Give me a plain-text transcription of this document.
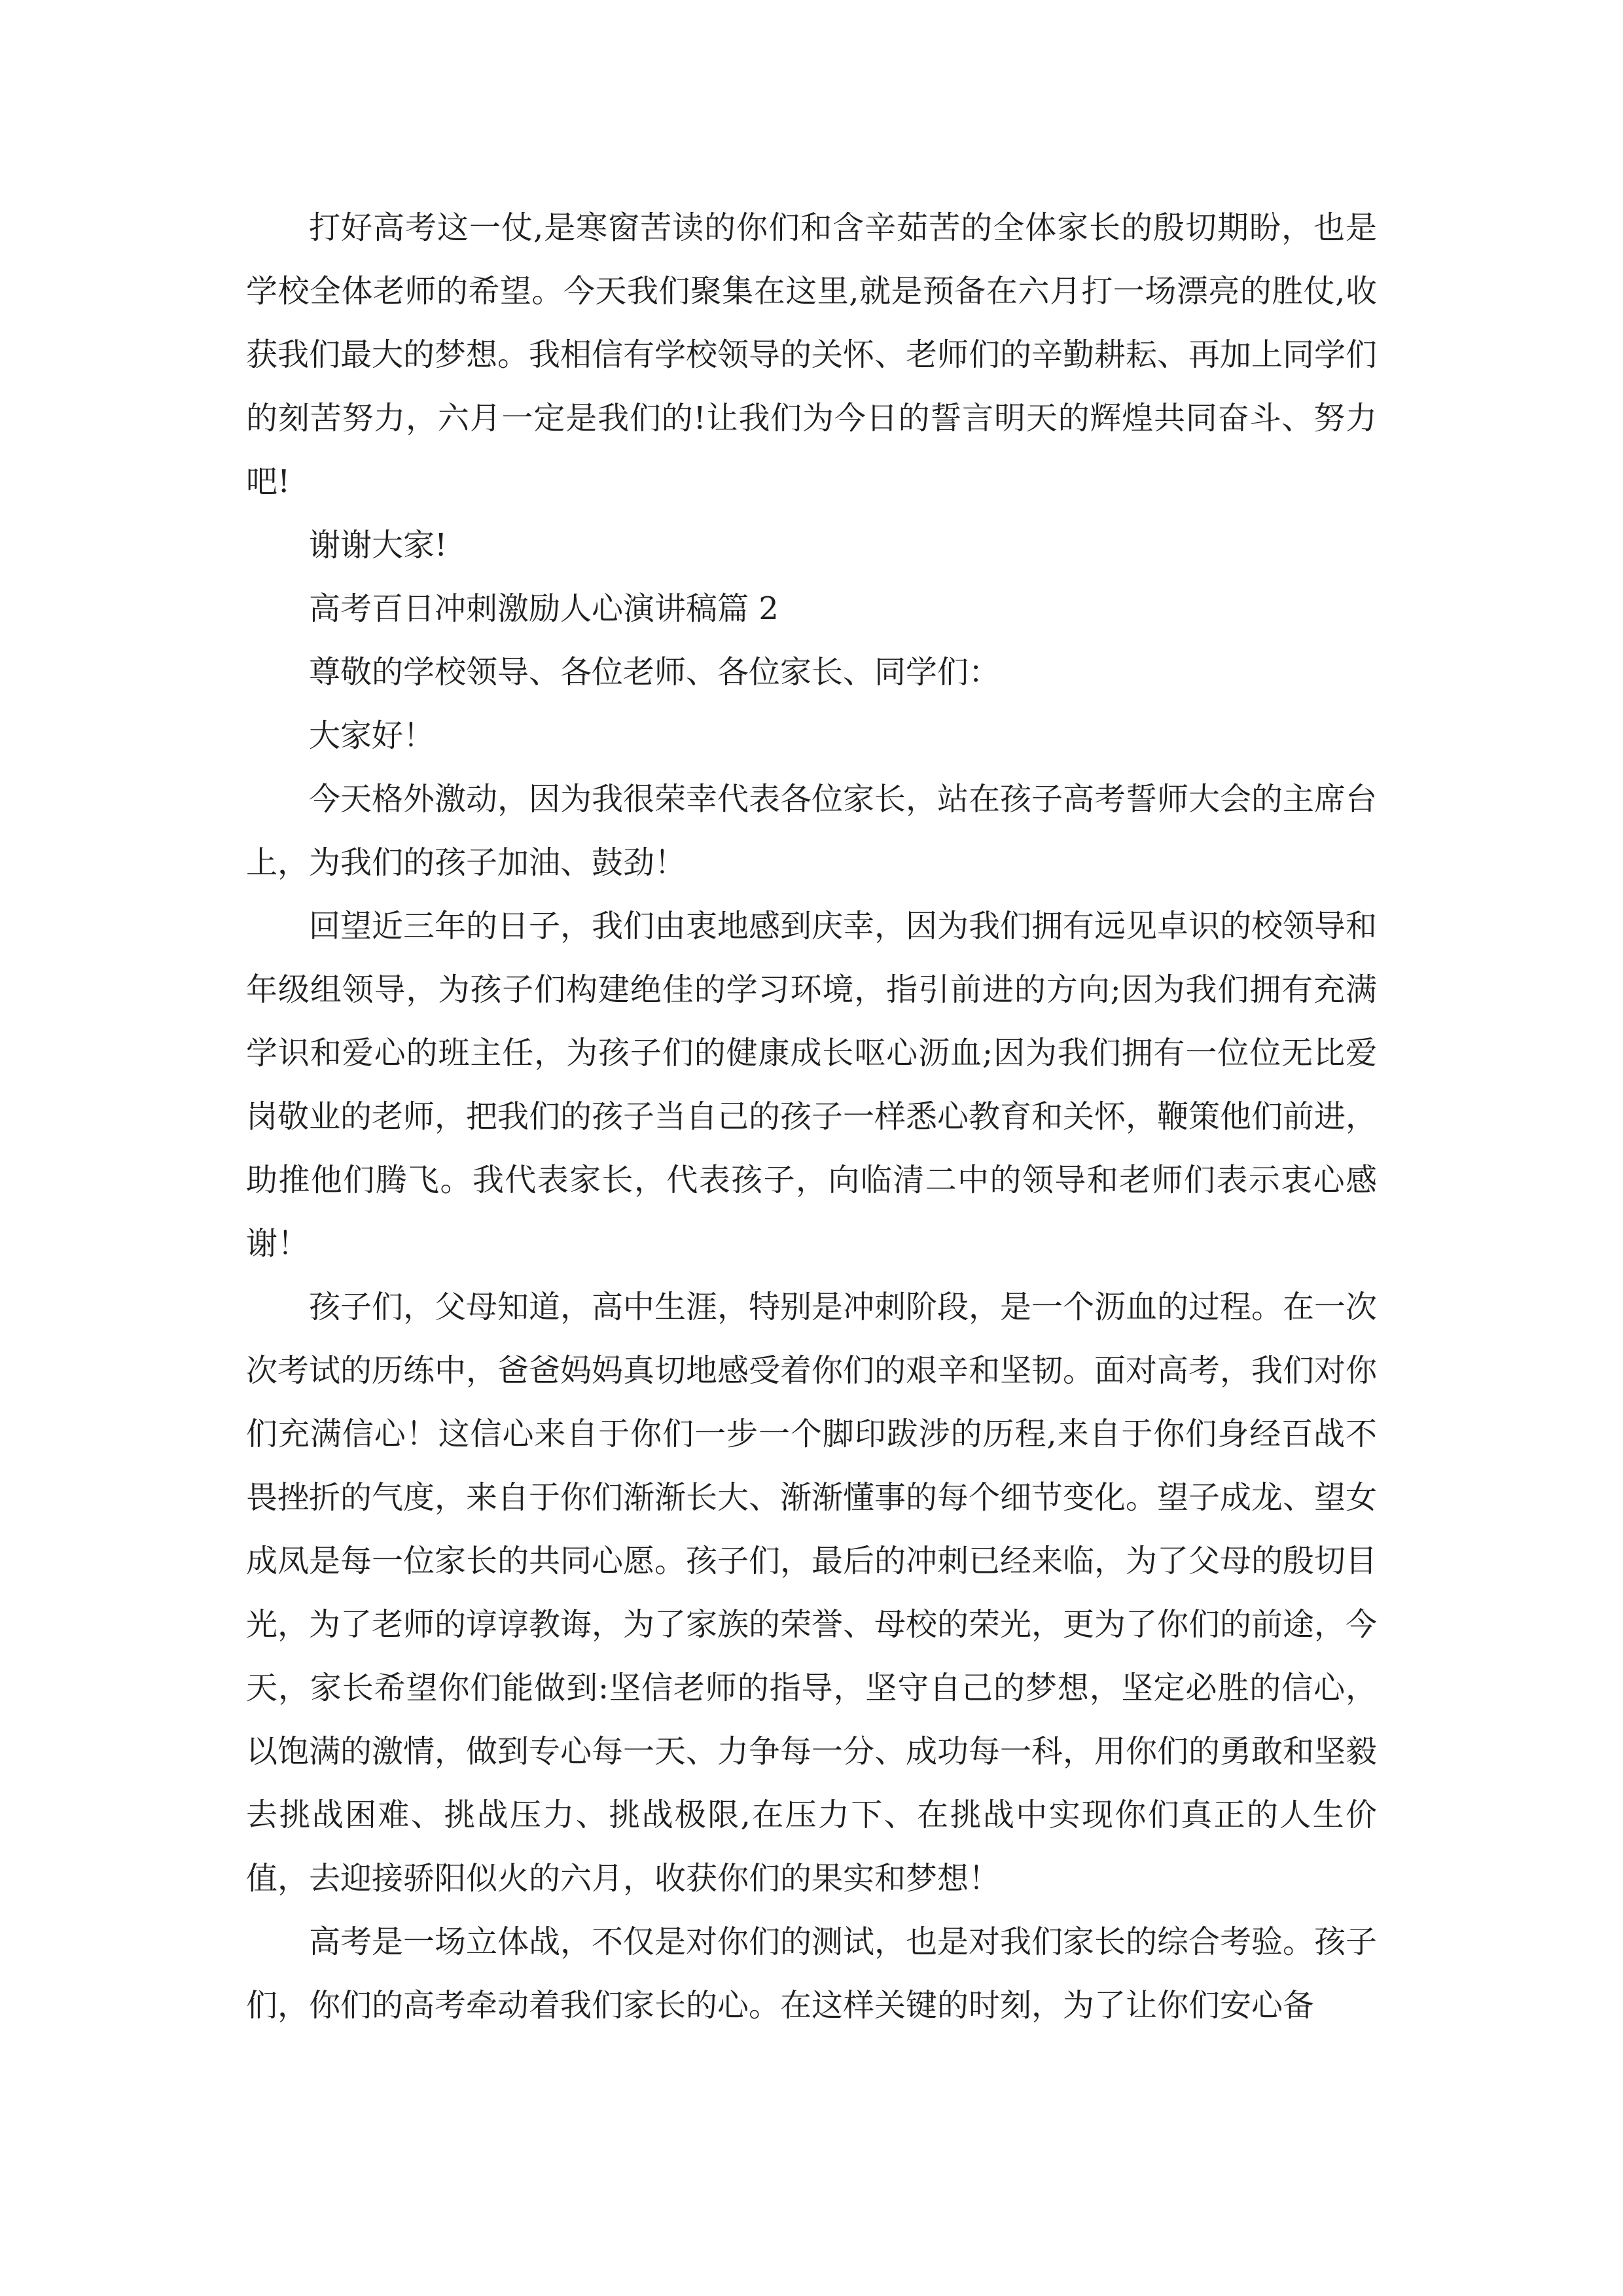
打好高考这一仗,是寒窗苦读的你们和含辛茹苦的全体家长的殷切期盼，也是学校全体老师的希望。今天我们聚集在这里,就是预备在六月打一场漂亮的胜仗,收获我们最大的梦想。我相信有学校领导的关怀、老师们的辛勤耕耘、再加上同学们的刻苦努力，六月一定是我们的!让我们为今日的誓言明天的辉煌共同奋斗、努力吧!

谢谢大家!

高考百日冲刺激励人心演讲稿篇 2

尊敬的学校领导、各位老师、各位家长、同学们：

大家好！

今天格外激动，因为我很荣幸代表各位家长，站在孩子高考誓师大会的主席台上，为我们的孩子加油、鼓劲！

回望近三年的日子，我们由衷地感到庆幸，因为我们拥有远见卓识的校领导和年级组领导，为孩子们构建绝佳的学习环境，指引前进的方向;因为我们拥有充满学识和爱心的班主任，为孩子们的健康成长呕心沥血;因为我们拥有一位位无比爱岗敬业的老师，把我们的孩子当自己的孩子一样悉心教育和关怀，鞭策他们前进，助推他们腾飞。我代表家长，代表孩子，向临清二中的领导和老师们表示衷心感谢！

孩子们，父母知道，高中生涯，特别是冲刺阶段，是一个沥血的过程。在一次次考试的历练中，爸爸妈妈真切地感受着你们的艰辛和坚韧。面对高考，我们对你们充满信心！这信心来自于你们一步一个脚印跋涉的历程,来自于你们身经百战不畏挫折的气度，来自于你们渐渐长大、渐渐懂事的每个细节变化。望子成龙、望女成凤是每一位家长的共同心愿。孩子们，最后的冲刺已经来临，为了父母的殷切目光，为了老师的谆谆教诲，为了家族的荣誉、母校的荣光，更为了你们的前途，今天，家长希望你们能做到:坚信老师的指导，坚守自己的梦想，坚定必胜的信心，以饱满的激情，做到专心每一天、力争每一分、成功每一科，用你们的勇敢和坚毅去挑战困难、挑战压力、挑战极限,在压力下、在挑战中实现你们真正的人生价值，去迎接骄阳似火的六月，收获你们的果实和梦想！

高考是一场立体战，不仅是对你们的测试，也是对我们家长的综合考验。孩子们，你们的高考牵动着我们家长的心。在这样关键的时刻，为了让你们安心备
